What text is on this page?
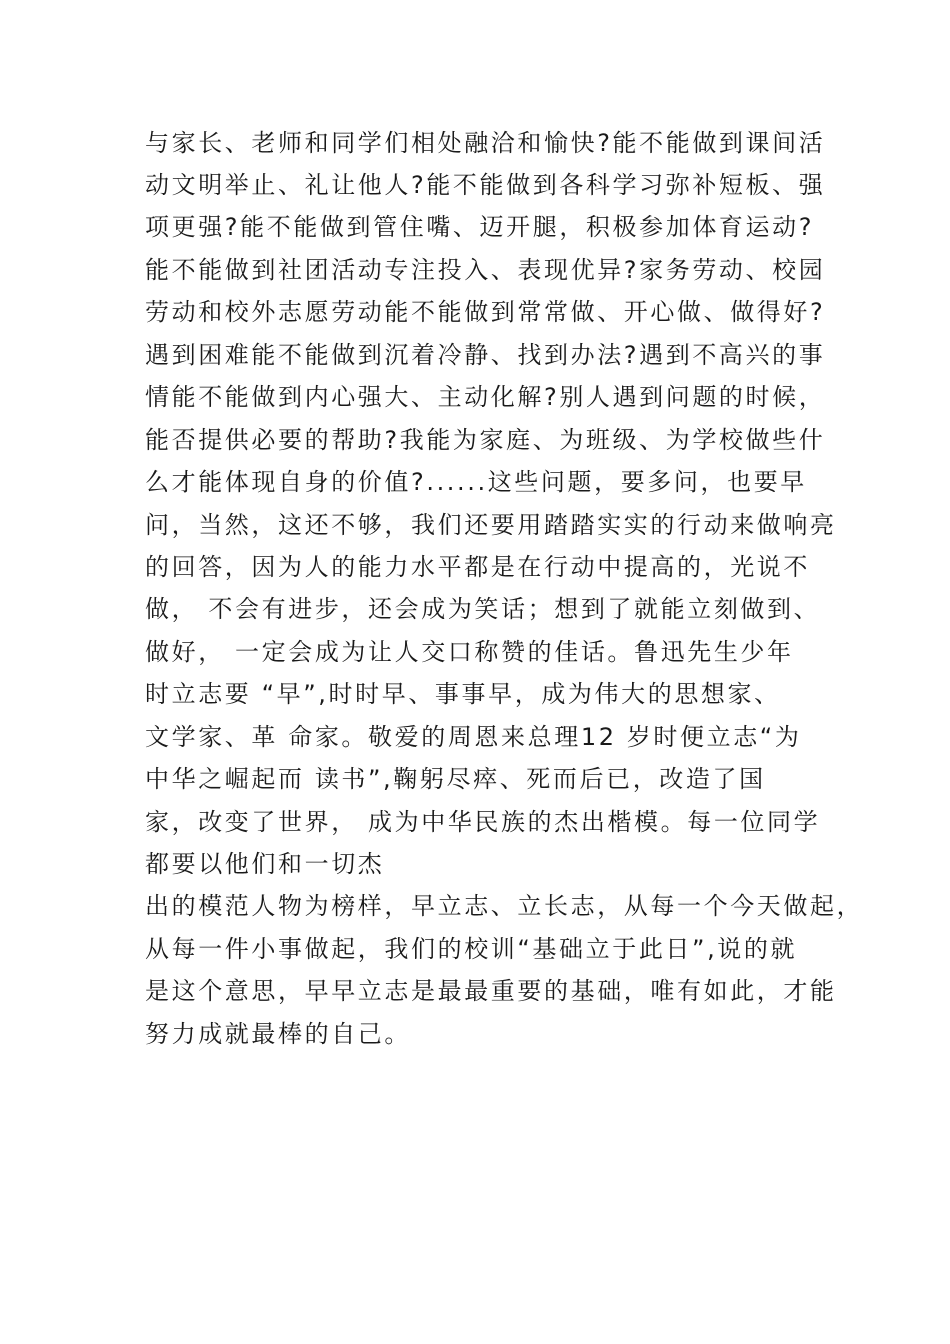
与家长、老师和同学们相处融洽和愉快?能不能做到课间活
动文明举止、礼让他人?能不能做到各科学习弥补短板、强
项更强?能不能做到管住嘴、迈开腿，积极参加体育运动?
能不能做到社团活动专注投入、表现优异?家务劳动、校园
劳动和校外志愿劳动能不能做到常常做、开心做、做得好?
遇到困难能不能做到沉着冷静、找到办法?遇到不高兴的事
情能不能做到内心强大、主动化解?别人遇到问题的时候，
能否提供必要的帮助?我能为家庭、为班级、为学校做些什
么才能体现自身的价值?......这些问题，要多问，也要早
问，当然，这还不够，我们还要用踏踏实实的行动来做响亮
的回答，因为人的能力水平都是在行动中提高的，光说不
做， 不会有进步，还会成为笑话；想到了就能立刻做到、
做好， 一定会成为让人交口称赞的佳话。鲁迅先生少年
时立志要 “早”,时时早、事事早，成为伟大的思想家、
文学家、革 命家。敬爱的周恩来总理12 岁时便立志“为
中华之崛起而 读书”,鞠躬尽瘁、死而后已，改造了国
家，改变了世界， 成为中华民族的杰出楷模。每一位同学
都要以他们和一切杰
出的模范人物为榜样，早立志、立长志，从每一个今天做起，
从每一件小事做起，我们的校训“基础立于此日”,说的就
是这个意思，早早立志是最最重要的基础，唯有如此，才能
努力成就最棒的自己。
